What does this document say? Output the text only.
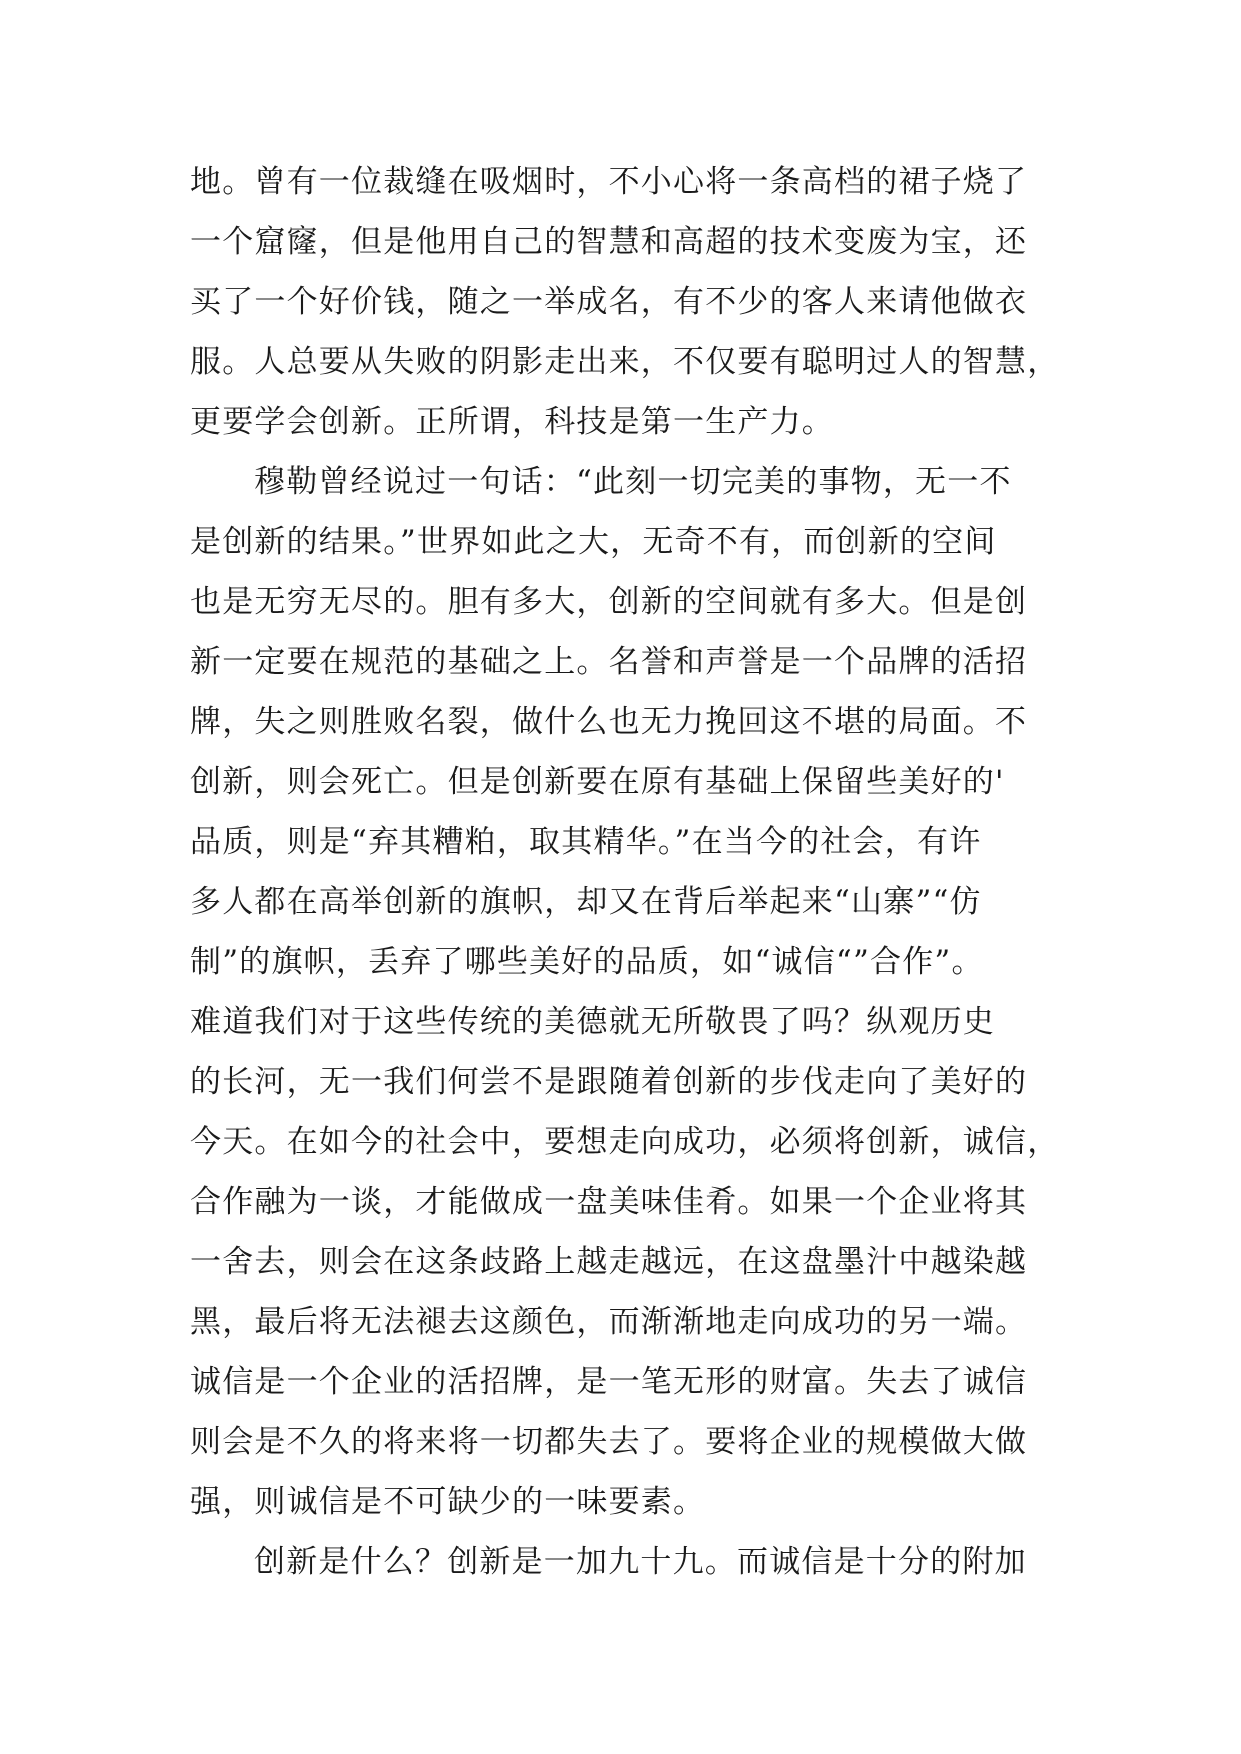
地。曾有一位裁缝在吸烟时，不小心将一条高档的裙子烧了
一个窟窿，但是他用自己的智慧和高超的技术变废为宝，还
买了一个好价钱，随之一举成名，有不少的客人来请他做衣
服。人总要从失败的阴影走出来，不仅要有聪明过人的智慧，
更要学会创新。正所谓，科技是第一生产力。
穆勒曾经说过一句话：“此刻一切完美的事物，无一不
是创新的结果。”世界如此之大，无奇不有，而创新的空间
也是无穷无尽的。胆有多大，创新的空间就有多大。但是创
新一定要在规范的基础之上。名誉和声誉是一个品牌的活招
牌，失之则胜败名裂，做什么也无力挽回这不堪的局面。不
创新，则会死亡。但是创新要在原有基础上保留些美好的'
品质，则是“弃其糟粕，取其精华。”在当今的社会，有许
多人都在高举创新的旗帜，却又在背后举起来“山寨”“仿
制”的旗帜，丢弃了哪些美好的品质，如“诚信“”合作”。
难道我们对于这些传统的美德就无所敬畏了吗？纵观历史
的长河，无一我们何尝不是跟随着创新的步伐走向了美好的
今天。在如今的社会中，要想走向成功，必须将创新，诚信，
合作融为一谈，才能做成一盘美味佳肴。如果一个企业将其
一舍去，则会在这条歧路上越走越远，在这盘墨汁中越染越
黑，最后将无法褪去这颜色，而渐渐地走向成功的另一端。
诚信是一个企业的活招牌，是一笔无形的财富。失去了诚信
则会是不久的将来将一切都失去了。要将企业的规模做大做
强，则诚信是不可缺少的一味要素。
创新是什么？创新是一加九十九。而诚信是十分的附加
